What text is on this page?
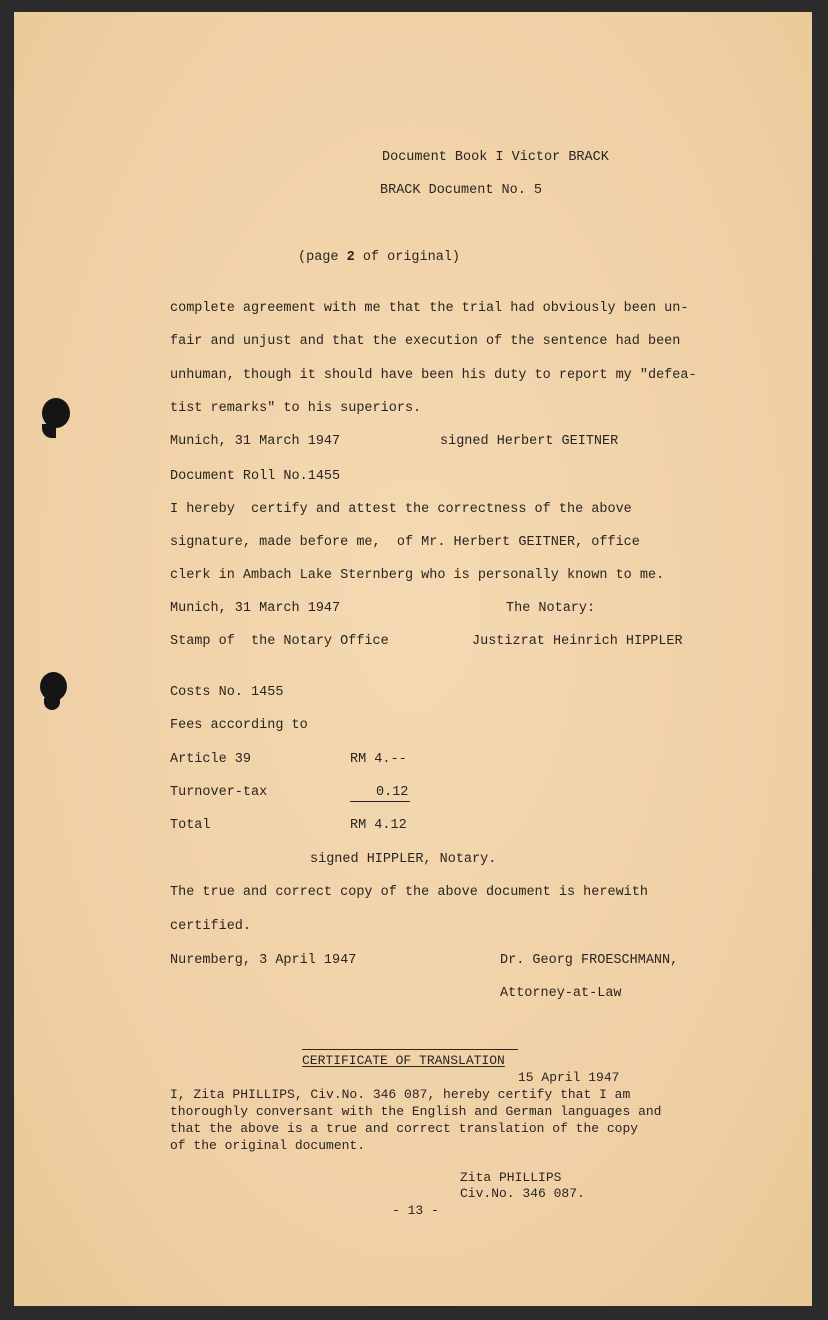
Document Book I Victor BRACK
BRACK Document No. 5
(page 2 of original)
complete agreement with me that the trial had obviously been un-
fair and unjust and that the execution of the sentence had been
unhuman, though it should have been his duty to report my "defea-
tist remarks" to his superiors.
Munich, 31 March 1947	signed Herbert GEITNER
Document Roll No.1455
I hereby  certify and attest the correctness of the above
signature, made before me,  of Mr. Herbert GEITNER, office
clerk in Ambach Lake Sternberg who is personally known to me.
Munich, 31 March 1947	The Notary:
Stamp of  the Notary Office	Justizrat Heinrich HIPPLER
Costs No. 1455
Fees according to
Article 39	RM 4.--
Turnover-tax	0.12
Total	RM 4.12
signed HIPPLER, Notary.
The true and correct copy of the above document is herewith
certified.
Nuremberg, 3 April 1947	Dr. Georg FROESCHMANN,
Attorney-at-Law
CERTIFICATE OF TRANSLATION
15 April 1947
I, Zita PHILLIPS, Civ.No. 346 087, hereby certify that I am
thoroughly conversant with the English and German languages and
that the above is a true and correct translation of the copy
of the original document.
Zita PHILLIPS
Civ.No. 346 087.
- 13 -
